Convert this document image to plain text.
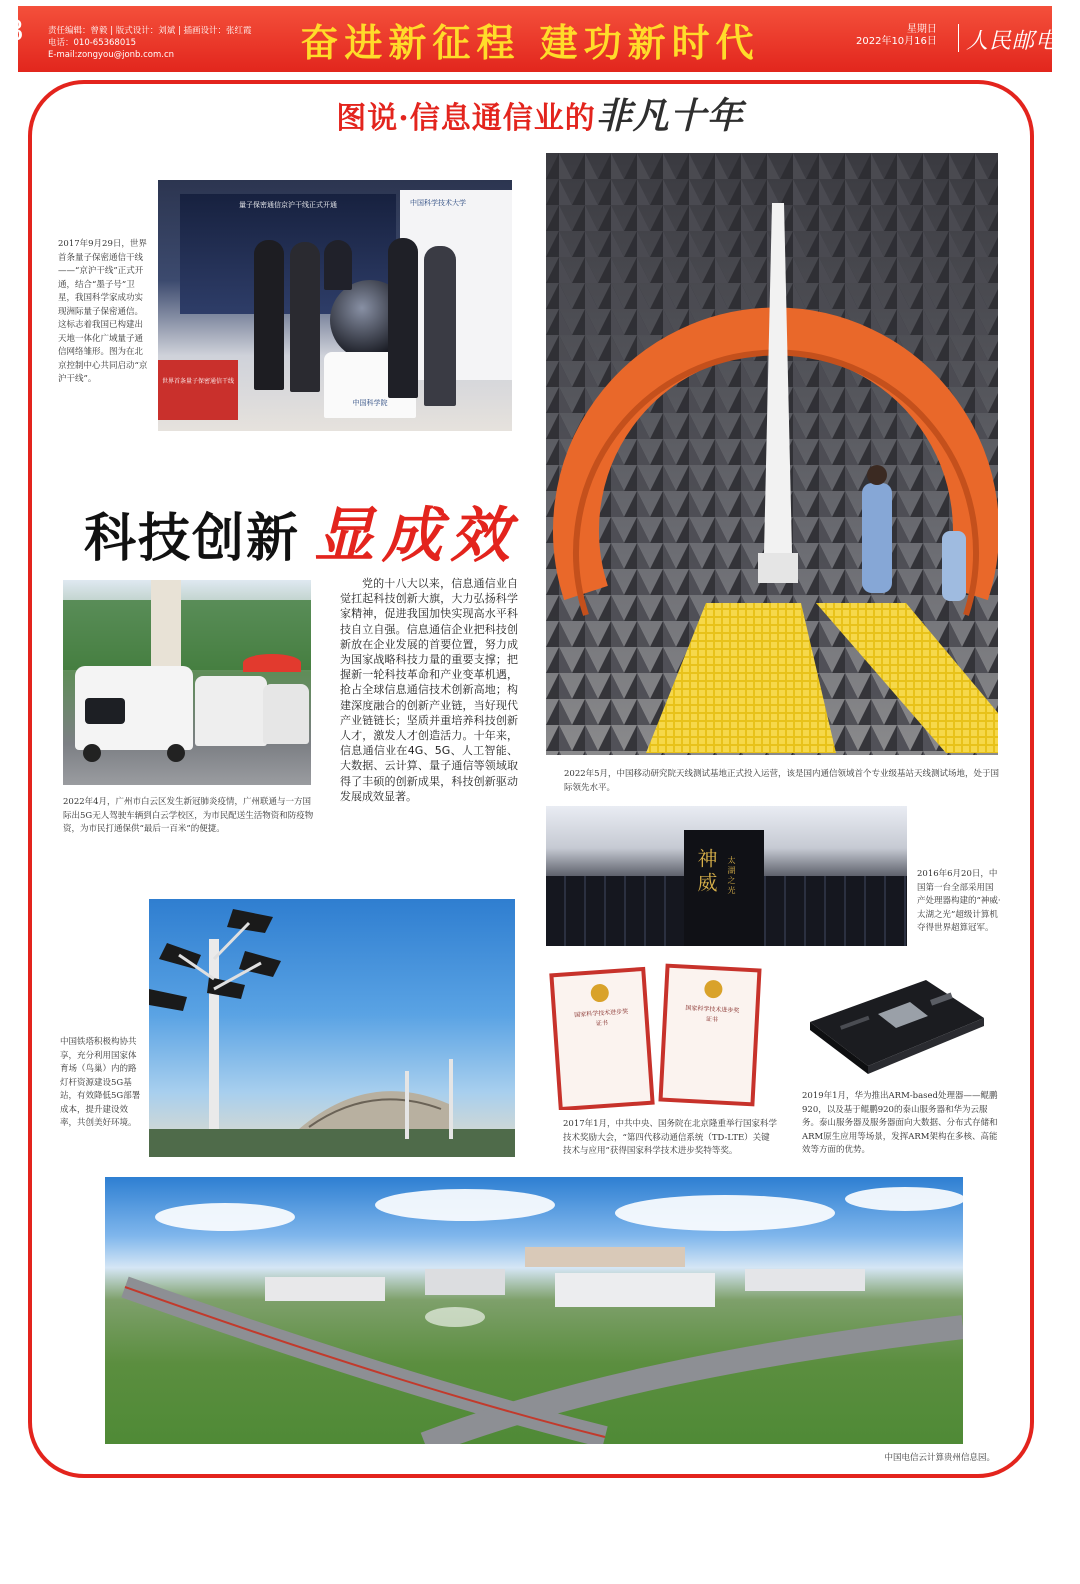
8	责任编辑：曾毅 | 版式设计：刘斌 | 插画设计：张红霞
电话：010-65368015
E-mail:zongyou@jonb.com.cn	奋进新征程 建功新时代	星期日
2022年10月16日 人民邮电
图说·信息通信业的非凡十年
量子保密通信京沪干线正式开通	中国科学技术大学
世界首条量子保密通信干线
中国科学院
2017年9月29日，世界首条量子保密通信干线——“京沪干线”正式开通，结合“墨子号”卫星，我国科学家成功实现洲际量子保密通信。这标志着我国已构建出天地一体化广域量子通信网络雏形。图为在北京控制中心共同启动“京沪干线”。
2022年5月，中国移动研究院天线测试基地正式投入运营，该是国内通信领域首个专业级基站天线测试场地，处于国际领先水平。
科技创新 显成效
2022年4月，广州市白云区发生新冠肺炎疫情，广州联通与一方国际出5G无人驾驶车辆到白云学校区，为市民配送生活物资和防疫物资，为市民打通保供“最后一百米”的便捷。
党的十八大以来，信息通信业自觉扛起科技创新大旗，大力弘扬科学家精神，促进我国加快实现高水平科技自立自强。信息通信企业把科技创新放在企业发展的首要位置，努力成为国家战略科技力量的重要支撑；把握新一轮科技革命和产业变革机遇，抢占全球信息通信技术创新高地；构建深度融合的创新产业链，当好现代产业链链长；坚质并重培养科技创新人才，激发人才创造活力。十年来，信息通信业在4G、5G、人工智能、大数据、云计算、量子通信等领域取得了丰硕的创新成果，科技创新驱动发展成效显著。
神威	太湖之光	2016年6月20日，中国第一台全部采用国产处理器构建的“神威·太湖之光”超级计算机夺得世界超算冠军。
中国铁塔积极构协共享，充分利用国家体育场（鸟巢）内的路灯杆资源建设5G基站，有效降低5G部署成本，提升建设效率，共创美好环境。
国家科学技术进步奖
证书
国家科学技术进步奖
证书
2017年1月，中共中央、国务院在北京隆重举行国家科学技术奖励大会，“第四代移动通信系统（TD-LTE）关键技术与应用”获得国家科学技术进步奖特等奖。
2019年1月，华为推出ARM-based处理器——鲲鹏920，以及基于鲲鹏920的泰山服务器和华为云服务。泰山服务器及服务器面向大数据、分布式存储和ARM原生应用等场景，发挥ARM架构在多核、高能效等方面的优势。
中国电信云计算贵州信息园。
